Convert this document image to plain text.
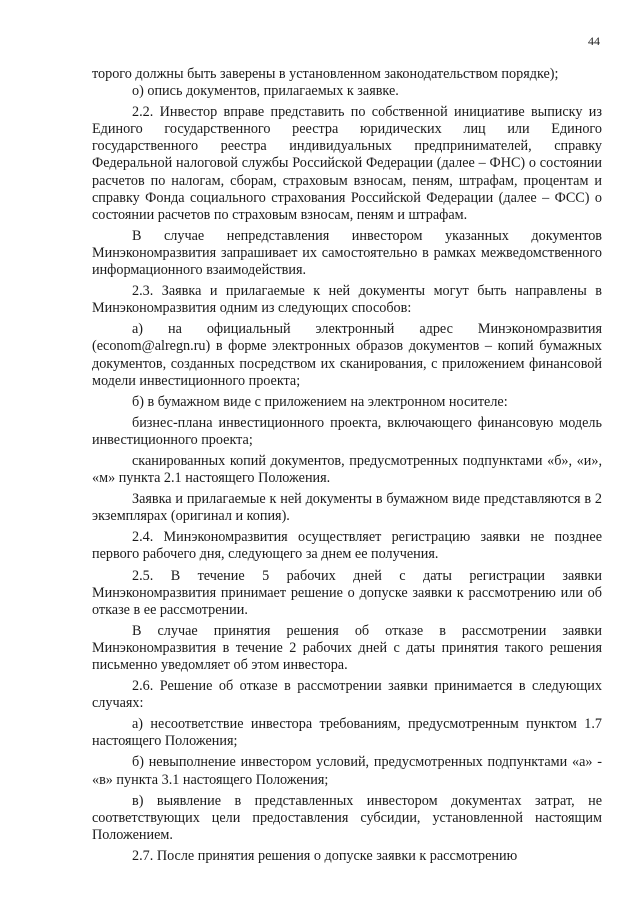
44

торого должны быть заверены в установленном законодательством порядке);

о) опись документов, прилагаемых к заявке.

2.2. Инвестор вправе представить по собственной инициативе выписку из Единого государственного реестра юридических лиц или Единого государственного реестра индивидуальных предпринимателей, справку Федеральной налоговой службы Российской Федерации (далее – ФНС) о состоянии расчетов по налогам, сборам, страховым взносам, пеням, штрафам, процентам и справку Фонда социального страхования Российской Федерации (далее – ФСС) о состоянии расчетов по страховым взносам, пеням и штрафам.

В случае непредставления инвестором указанных документов Минэкономразвития запрашивает их самостоятельно в рамках межведомственного информационного взаимодействия.

2.3. Заявка и прилагаемые к ней документы могут быть направлены в Минэкономразвития одним из следующих способов:

а) на официальный электронный адрес Минэкономразвития (econom@alregn.ru) в форме электронных образов документов – копий бумажных документов, созданных посредством их сканирования, с приложением финансовой модели инвестиционного проекта;

б) в бумажном виде с приложением на электронном носителе:

бизнес-плана инвестиционного проекта, включающего финансовую модель инвестиционного проекта;

сканированных копий документов, предусмотренных подпунктами «б», «и», «м» пункта 2.1 настоящего Положения.

Заявка и прилагаемые к ней документы в бумажном виде представляются в 2 экземплярах (оригинал и копия).

2.4. Минэкономразвития осуществляет регистрацию заявки не позднее первого рабочего дня, следующего за днем ее получения.

2.5. В течение 5 рабочих дней с даты регистрации заявки Минэкономразвития принимает решение о допуске заявки к рассмотрению или об отказе в ее рассмотрении.

В случае принятия решения об отказе в рассмотрении заявки Минэкономразвития в течение 2 рабочих дней с даты принятия такого решения письменно уведомляет об этом инвестора.

2.6. Решение об отказе в рассмотрении заявки принимается в следующих случаях:

а) несоответствие инвестора требованиям, предусмотренным пунктом 1.7 настоящего Положения;

б) невыполнение инвестором условий, предусмотренных подпунктами «а» - «в» пункта 3.1 настоящего Положения;

в) выявление в представленных инвестором документах затрат, не соответствующих цели предоставления субсидии, установленной настоящим Положением.

2.7. После принятия решения о допуске заявки к рассмотрению
